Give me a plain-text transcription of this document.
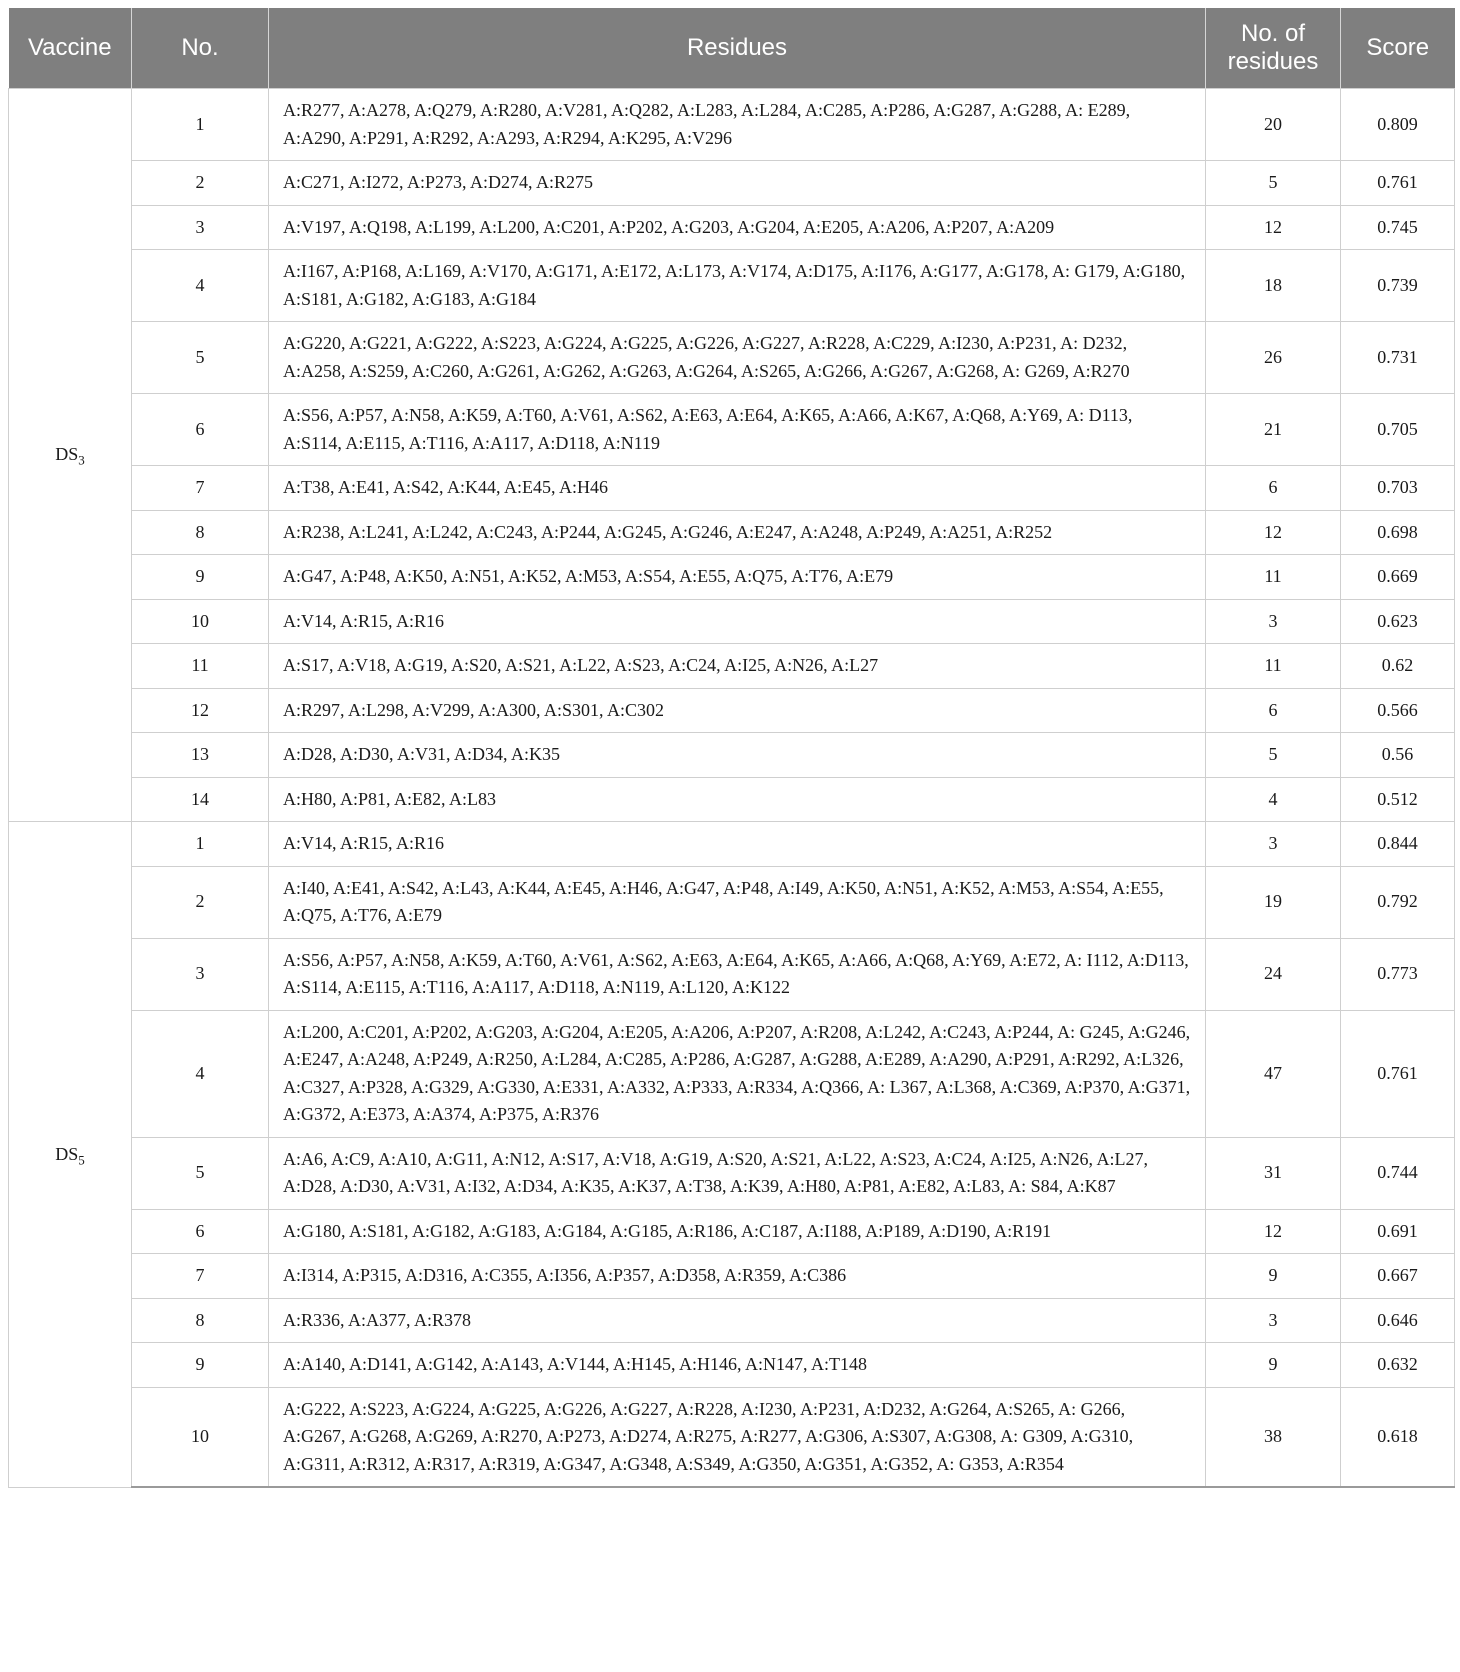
Vaccine	No.	Residues	No. of residues	Score
$DS_3$	1	A:R277, A:A278, A:Q279, A:R280, A:V281, A:Q282, A:L283, A:L284, A:C285, A:P286, A:G287, A:G288, A: E289, A:A290, A:P291, A:R292, A:A293, A:R294, A:K295, A:V296	20	0.809
	2	A:C271, A:I272, A:P273, A:D274, A:R275	5	0.761
	3	A:V197, A:Q198, A:L199, A:L200, A:C201, A:P202, A:G203, A:G204, A:E205, A:A206, A:P207, A:A209	12	0.745
	4	A:I167, A:P168, A:L169, A:V170, A:G171, A:E172, A:L173, A:V174, A:D175, A:I176, A:G177, A:G178, A: G179, A:G180, A:S181, A:G182, A:G183, A:G184	18	0.739
	5	A:G220, A:G221, A:G222, A:S223, A:G224, A:G225, A:G226, A:G227, A:R228, A:C229, A:I230, A:P231, A: D232, A:A258, A:S259, A:C260, A:G261, A:G262, A:G263, A:G264, A:S265, A:G266, A:G267, A:G268, A: G269, A:R270	26	0.731
	6	A:S56, A:P57, A:N58, A:K59, A:T60, A:V61, A:S62, A:E63, A:E64, A:K65, A:A66, A:K67, A:Q68, A:Y69, A: D113, A:S114, A:E115, A:T116, A:A117, A:D118, A:N119	21	0.705
	7	A:T38, A:E41, A:S42, A:K44, A:E45, A:H46	6	0.703
	8	A:R238, A:L241, A:L242, A:C243, A:P244, A:G245, A:G246, A:E247, A:A248, A:P249, A:A251, A:R252	12	0.698
	9	A:G47, A:P48, A:K50, A:N51, A:K52, A:M53, A:S54, A:E55, A:Q75, A:T76, A:E79	11	0.669
	10	A:V14, A:R15, A:R16	3	0.623
	11	A:S17, A:V18, A:G19, A:S20, A:S21, A:L22, A:S23, A:C24, A:I25, A:N26, A:L27	11	0.62
	12	A:R297, A:L298, A:V299, A:A300, A:S301, A:C302	6	0.566
	13	A:D28, A:D30, A:V31, A:D34, A:K35	5	0.56
	14	A:H80, A:P81, A:E82, A:L83	4	0.512
$DS_5$	1	A:V14, A:R15, A:R16	3	0.844
	2	A:I40, A:E41, A:S42, A:L43, A:K44, A:E45, A:H46, A:G47, A:P48, A:I49, A:K50, A:N51, A:K52, A:M53, A:S54, A:E55, A:Q75, A:T76, A:E79	19	0.792
	3	A:S56, A:P57, A:N58, A:K59, A:T60, A:V61, A:S62, A:E63, A:E64, A:K65, A:A66, A:Q68, A:Y69, A:E72, A: I112, A:D113, A:S114, A:E115, A:T116, A:A117, A:D118, A:N119, A:L120, A:K122	24	0.773
	4	A:L200, A:C201, A:P202, A:G203, A:G204, A:E205, A:A206, A:P207, A:R208, A:L242, A:C243, A:P244, A: G245, A:G246, A:E247, A:A248, A:P249, A:R250, A:L284, A:C285, A:P286, A:G287, A:G288, A:E289, A:A290, A:P291, A:R292, A:L326, A:C327, A:P328, A:G329, A:G330, A:E331, A:A332, A:P333, A:R334, A:Q366, A: L367, A:L368, A:C369, A:P370, A:G371, A:G372, A:E373, A:A374, A:P375, A:R376	47	0.761
	5	A:A6, A:C9, A:A10, A:G11, A:N12, A:S17, A:V18, A:G19, A:S20, A:S21, A:L22, A:S23, A:C24, A:I25, A:N26, A:L27, A:D28, A:D30, A:V31, A:I32, A:D34, A:K35, A:K37, A:T38, A:K39, A:H80, A:P81, A:E82, A:L83, A: S84, A:K87	31	0.744
	6	A:G180, A:S181, A:G182, A:G183, A:G184, A:G185, A:R186, A:C187, A:I188, A:P189, A:D190, A:R191	12	0.691
	7	A:I314, A:P315, A:D316, A:C355, A:I356, A:P357, A:D358, A:R359, A:C386	9	0.667
	8	A:R336, A:A377, A:R378	3	0.646
	9	A:A140, A:D141, A:G142, A:A143, A:V144, A:H145, A:H146, A:N147, A:T148	9	0.632
	10	A:G222, A:S223, A:G224, A:G225, A:G226, A:G227, A:R228, A:I230, A:P231, A:D232, A:G264, A:S265, A: G266, A:G267, A:G268, A:G269, A:R270, A:P273, A:D274, A:R275, A:R277, A:G306, A:S307, A:G308, A: G309, A:G310, A:G311, A:R312, A:R317, A:R319, A:G347, A:G348, A:S349, A:G350, A:G351, A:G352, A: G353, A:R354	38	0.618
